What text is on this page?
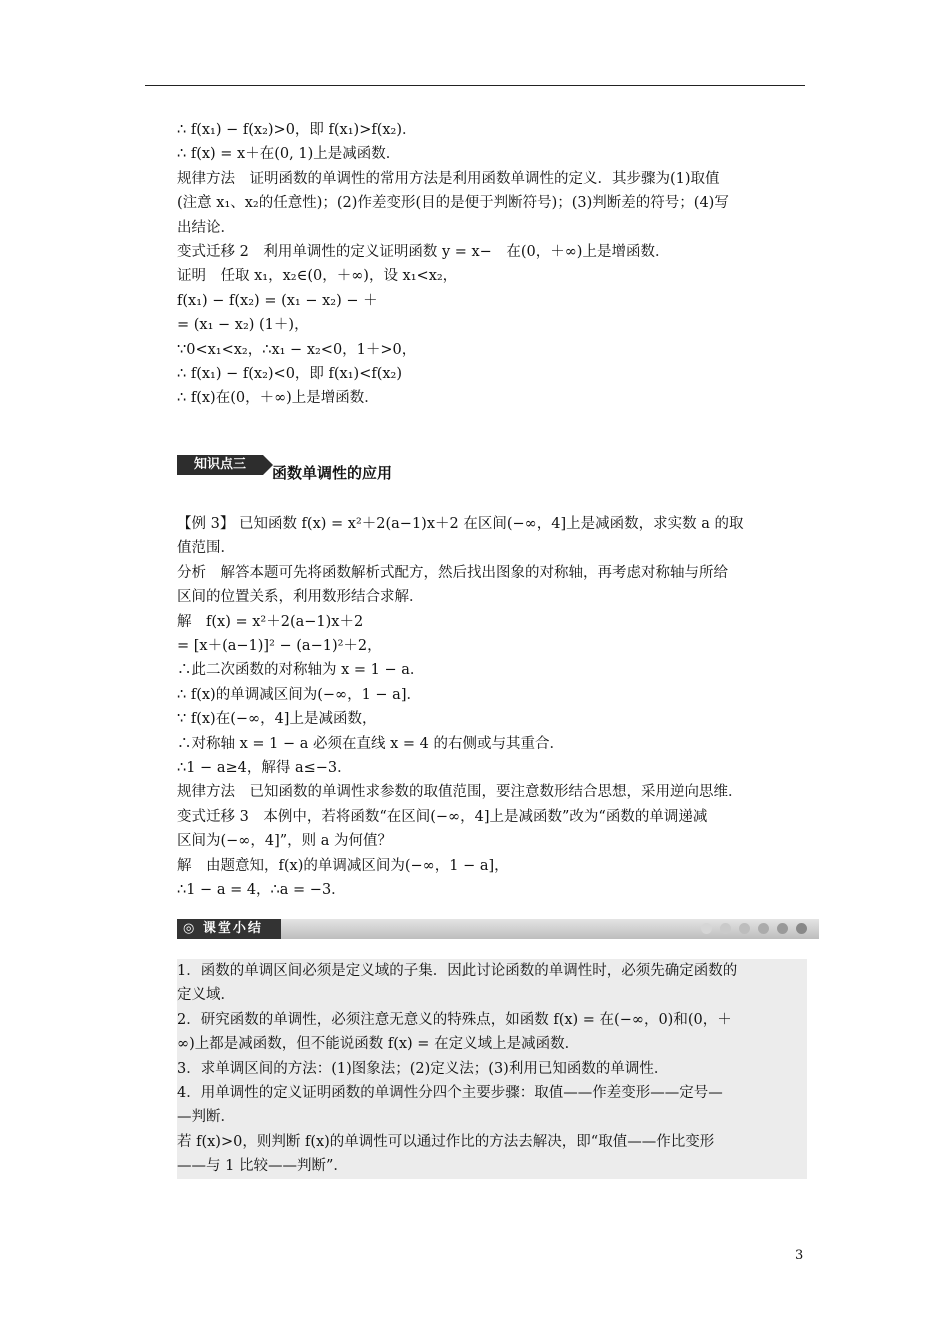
∴ f(x₁) − f(x₂)>0，即 f(x₁)>f(x₂)．
∴ f(x) = x＋在(0, 1)上是减函数．
规律方法　证明函数的单调性的常用方法是利用函数单调性的定义．其步骤为(1)取值
(注意 x₁、x₂的任意性)；(2)作差变形(目的是便于判断符号)；(3)判断差的符号；(4)写
出结论．
变式迁移 2　利用单调性的定义证明函数 y = x−　在(0，＋∞)上是增函数．
证明　任取 x₁，x₂∈(0，＋∞)，设 x₁<x₂，
f(x₁) − f(x₂) = (x₁ − x₂) − ＋
= (x₁ − x₂) (1＋)，
∵0<x₁<x₂，∴x₁ − x₂<0，1＋>0，
∴ f(x₁) − f(x₂)<0，即 f(x₁)<f(x₂)
∴ f(x)在(0，＋∞)上是增函数．
知识点三	函数单调性的应用
【例 3】 已知函数 f(x) = x²＋2(a−1)x＋2 在区间(−∞，4]上是减函数，求实数 a 的取
值范围．
分析　解答本题可先将函数解析式配方，然后找出图象的对称轴，再考虑对称轴与所给
区间的位置关系，利用数形结合求解．
解　f(x) = x²＋2(a−1)x＋2
= [x＋(a−1)]² − (a−1)²＋2，
∴此二次函数的对称轴为 x = 1 − a．
∴ f(x)的单调减区间为(−∞，1 − a]．
∵ f(x)在(−∞，4]上是减函数，
∴对称轴 x = 1 − a 必须在直线 x = 4 的右侧或与其重合．
∴1 − a≥4，解得 a≤−3．
规律方法　已知函数的单调性求参数的取值范围，要注意数形结合思想，采用逆向思维．
变式迁移 3　本例中，若将函数“在区间(−∞，4]上是减函数”改为“函数的单调递减
区间为(−∞，4]”，则 a 为何值？
解　由题意知，f(x)的单调减区间为(−∞，1 − a]，
∴1 − a = 4，∴a = −3．
◎ 课堂小结
1．函数的单调区间必须是定义域的子集．因此讨论函数的单调性时，必须先确定函数的
定义域．
2．研究函数的单调性，必须注意无意义的特殊点，如函数 f(x) = 在(−∞，0)和(0，＋
∞)上都是减函数，但不能说函数 f(x) = 在定义域上是减函数．
3．求单调区间的方法：(1)图象法；(2)定义法；(3)利用已知函数的单调性．
4．用单调性的定义证明函数的单调性分四个主要步骤：取值——作差变形——定号—
—判断．
若 f(x)>0，则判断 f(x)的单调性可以通过作比的方法去解决，即“取值——作比变形
——与 1 比较——判断”．
3
